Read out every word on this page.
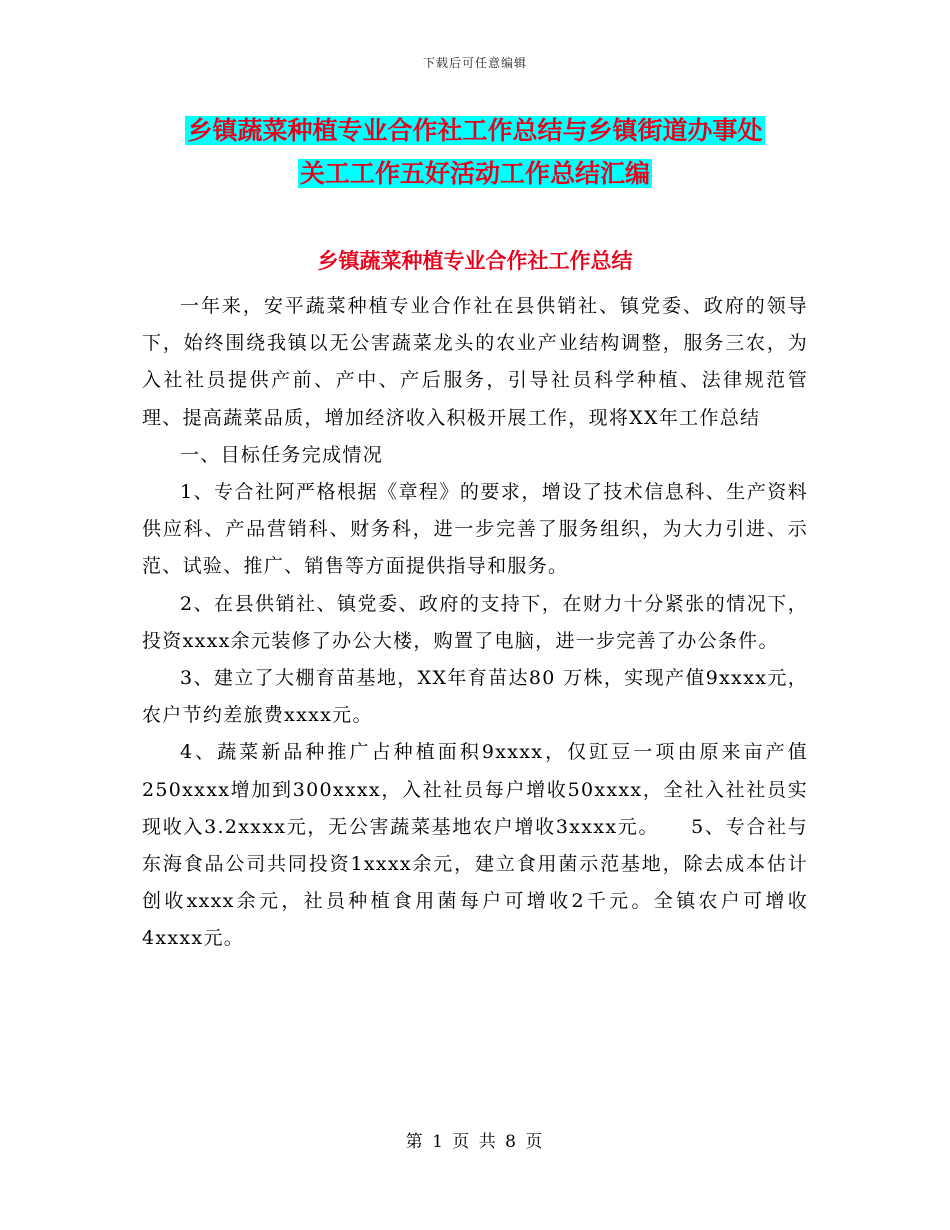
下载后可任意编辑
乡镇蔬菜种植专业合作社工作总结与乡镇街道办事处
关工工作五好活动工作总结汇编
乡镇蔬菜种植专业合作社工作总结

一年来，安平蔬菜种植专业合作社在县供销社、镇党委、政府的领导下，始终围绕我镇以无公害蔬菜龙头的农业产业结构调整，服务三农，为入社社员提供产前、产中、产后服务，引导社员科学种植、法律规范管理、提高蔬菜品质，增加经济收入积极开展工作，现将XX年工作总结

一、目标任务完成情况

1、专合社阿严格根据《章程》的要求，增设了技术信息科、生产资料供应科、产品营销科、财务科，进一步完善了服务组织，为大力引进、示范、试验、推广、销售等方面提供指导和服务。

2、在县供销社、镇党委、政府的支持下，在财力十分紧张的情况下，投资xxxx余元装修了办公大楼，购置了电脑，进一步完善了办公条件。

3、建立了大棚育苗基地，XX年育苗达80 万株，实现产值9xxxx元，农户节约差旅费xxxx元。

4、蔬菜新品种推广占种植面积9xxxx，仅豇豆一项由原来亩产值250xxxx增加到300xxxx，入社社员每户增收50xxxx，全社入社社员实现收入3.2xxxx元，无公害蔬菜基地农户增收3xxxx元。　　5、专合社与东海食品公司共同投资1xxxx余元，建立食用菌示范基地，除去成本估计创收xxxx余元，社员种植食用菌每户可增收2千元。全镇农户可增收4xxxx元。

第 1 页 共 8 页
